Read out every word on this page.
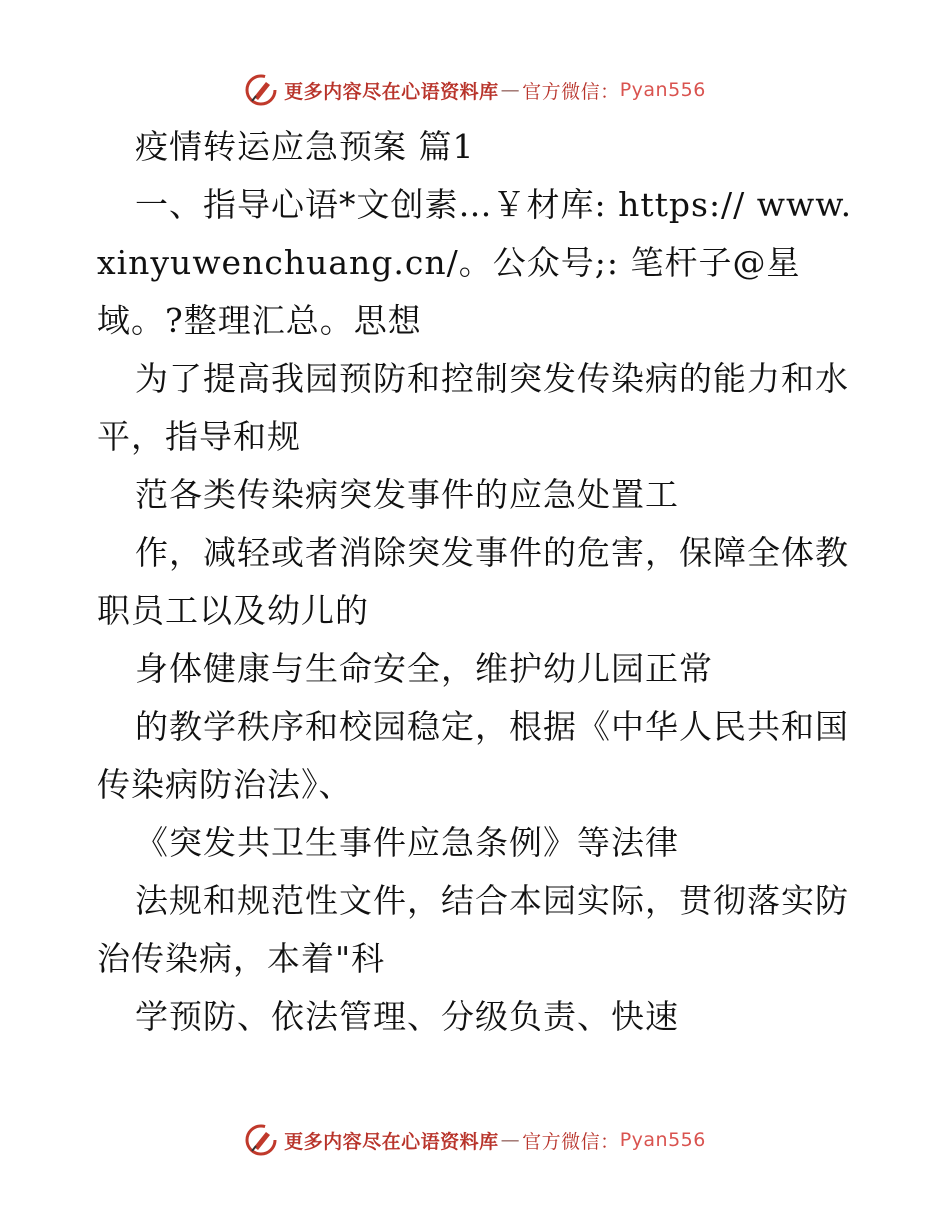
更多内容尽在心语资料库 — 官方微信： Pyan556

疫情转运应急预案 篇1

一、指导心语*文创素…￥材库: https:// www.xinyuwenchuang.cn/。公众号;: 笔杆子@星域。?整理汇总。思想

为了提高我园预防和控制突发传染病的能力和水平，指导和规

范各类传染病突发事件的应急处置工

作，减轻或者消除突发事件的危害，保障全体教职员工以及幼儿的

身体健康与生命安全，维护幼儿园正常

的教学秩序和校园稳定，根据《中华人民共和国传染病防治法》、

《突发共卫生事件应急条例》等法律

法规和规范性文件，结合本园实际，贯彻落实防治传染病，本着"科

学预防、依法管理、分级负责、快速

更多内容尽在心语资料库 — 官方微信： Pyan556
